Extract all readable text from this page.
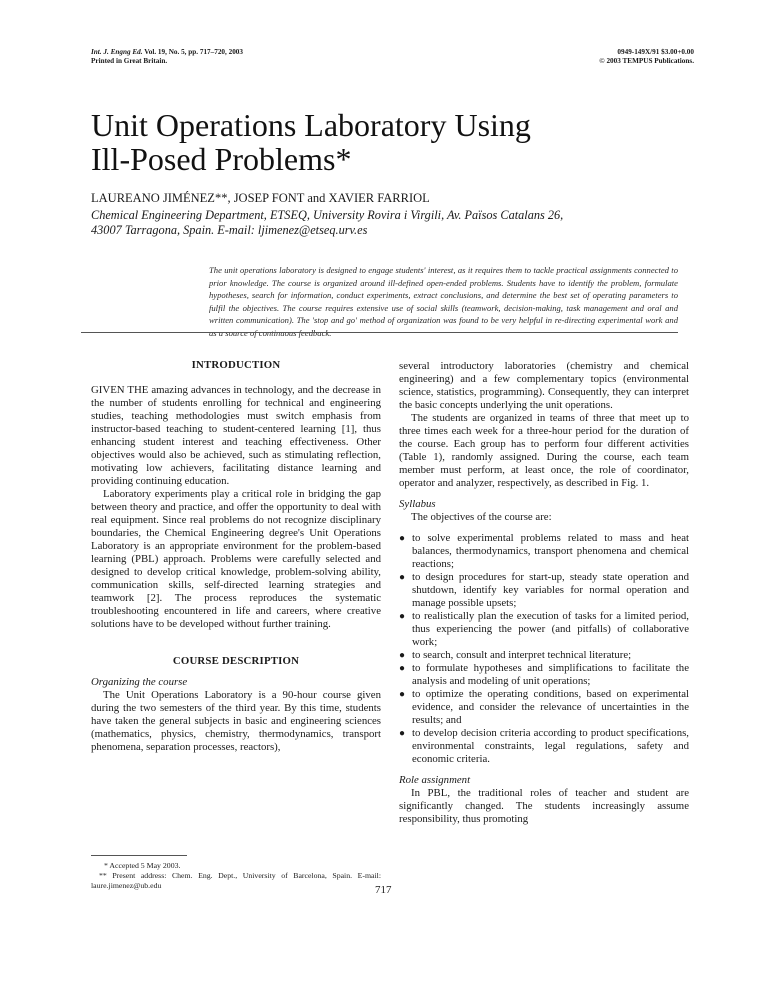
Int. J. Engng Ed. Vol. 19, No. 5, pp. 717–720, 2003
Printed in Great Britain.
0949-149X/91 $3.00+0.00
© 2003 TEMPUS Publications.
Unit Operations Laboratory Using
Ill-Posed Problems*
LAUREANO JIMÉNEZ**, JOSEP FONT and XAVIER FARRIOL
Chemical Engineering Department, ETSEQ, University Rovira i Virgili, Av. Països Catalans 26,
43007 Tarragona, Spain. E-mail: ljimenez@etseq.urv.es
The unit operations laboratory is designed to engage students' interest, as it requires them to tackle practical assignments connected to prior knowledge. The course is organized around ill-defined open-ended problems. Students have to identify the problem, formulate hypotheses, search for information, conduct experiments, extract conclusions, and determine the best set of operating parameters to fulfil the objectives. The course requires extensive use of social skills (teamwork, decision-making, task management and oral and written communication). The 'stop and go' method of organization was found to be very helpful in re-directing experimental work and as a source of continuous feedback.
INTRODUCTION

GIVEN THE amazing advances in technology, and the decrease in the number of students enrolling for technical and engineering studies, teaching methodologies must switch emphasis from instructor-based teaching to student-centered learning [1], thus enhancing student interest and teaching effectiveness. Other objectives would also be achieved, such as stimulating reflection, motivating low achievers, facilitating distance learning and providing continuing education.

Laboratory experiments play a critical role in bridging the gap between theory and practice, and offer the opportunity to deal with real equipment. Since real problems do not recognize disciplinary boundaries, the Chemical Engineering degree's Unit Operations Laboratory is an appropriate environment for the problem-based learning (PBL) approach. Problems were carefully selected and designed to develop critical knowledge, problem-solving ability, communication skills, self-directed learning strategies and teamwork [2]. The process reproduces the systematic troubleshooting encountered in life and careers, where creative solutions have to be developed without further training.

COURSE DESCRIPTION
Organizing the course

The Unit Operations Laboratory is a 90-hour course given during the two semesters of the third year. By this time, students have taken the general subjects in basic and engineering sciences (mathematics, physics, chemistry, thermodynamics, transport phenomena, separation processes, reactors),

several introductory laboratories (chemistry and chemical engineering) and a few complementary topics (environmental science, statistics, programming). Consequently, they can interpret the basic concepts underlying the unit operations.

The students are organized in teams of three that meet up to three times each week for a three-hour period for the duration of the course. Each group has to perform four different activities (Table 1), randomly assigned. During the course, each team member must perform, at least once, the role of coordinator, operator and analyzer, respectively, as described in Fig. 1.

Syllabus

The objectives of the course are:

● to solve experimental problems related to mass and heat balances, thermodynamics, transport phenomena and chemical reactions;
● to design procedures for start-up, steady state operation and shutdown, identify key variables for normal operation and manage possible upsets;
● to realistically plan the execution of tasks for a limited period, thus experiencing the power (and pitfalls) of collaborative work;
● to search, consult and interpret technical literature;
● to formulate hypotheses and simplifications to facilitate the analysis and modeling of unit operations;
● to optimize the operating conditions, based on experimental evidence, and consider the relevance of uncertainties in the results; and
● to develop decision criteria according to product specifications, environmental constraints, legal regulations, safety and economic criteria.
Role assignment

In PBL, the traditional roles of teacher and student are significantly changed. The students increasingly assume responsibility, thus promoting

* Accepted 5 May 2003.
** Present address: Chem. Eng. Dept., University of Barcelona, Spain. E-mail: laure.jimenez@ub.edu	717
